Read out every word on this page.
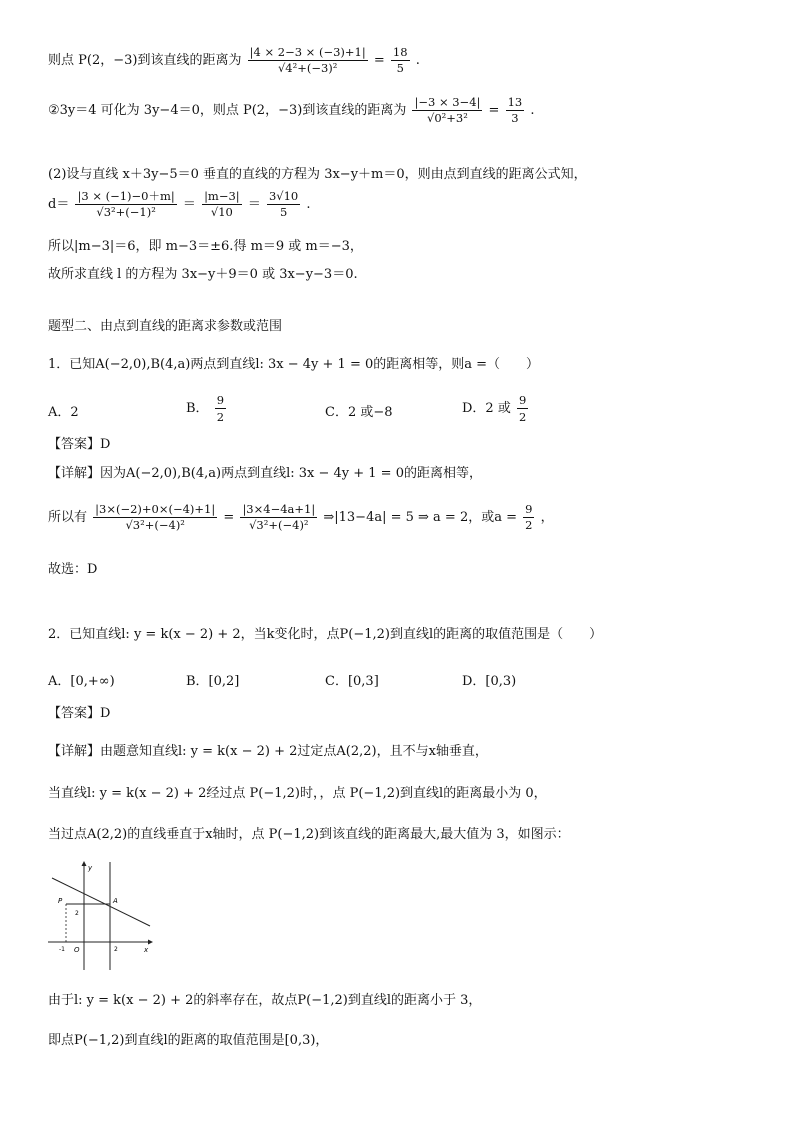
则点 P(2，−3)到该直线的距离为 $\frac{|4 \times 2-3 \times (-3)+1|}{\text{√4²+(−3)²}} = \frac{18}{5}$ .
②3y＝4 可化为 3y−4＝0，则点 P(2，−3)到该直线的距离为 $\frac{|-3 \times 3-4|}{\text{√0²+3²}} = \frac{13}{3}$ .
(2)设与直线 x＋3y−5＝0 垂直的直线的方程为 3x−y＋m＝0，则由点到直线的距离公式知，
$d= \frac{|3 \times (-1)-0+m|}{\text{√3²+(−1)²}} = \frac{|m-3|}{√10} = \frac{3√10}{5}$ .
所以|m−3|＝6，即 m−3＝±6.得 m＝9 或 m＝−3，
故所求直线 l 的方程为 3x−y＋9＝0 或 3x−y−3＝0.
题型二、由点到直线的距离求参数或范围
1．已知A(−2,0),B(4,a)两点到直线l: 3x − 4y + 1 = 0的距离相等，则a =（　　）
A．2	B． $\frac{9}{2}$	C．2 或−8	D．2 或 $\frac{9}{2}$
【答案】D
【详解】因为A(−2,0),B(4,a)两点到直线l: 3x − 4y + 1 = 0的距离相等，
所以有 $\frac{|3\times(-2)+0\times(-4)+1|}{\text{√3²+(−4)²}} = \frac{|3\times 4-4a+1|}{\text{√3²+(−4)²}}$ ⇒|13−4a| = 5 ⇒ a = 2，或$a = \frac{9}{2}$ ，
故选：D
2．已知直线l: y = k(x − 2) + 2，当k变化时，点P(−1,2)到直线l的距离的取值范围是（　　）
A．[0,+∞)	B．[0,2]	C．[0,3]	D．[0,3)
【答案】D
【详解】由题意知直线l: y = k(x − 2) + 2过定点A(2,2)，且不与x轴垂直，
当直线l: y = k(x − 2) + 2经过点 P(−1,2)时，，点 P(−1,2)到直线l的距离最小为 0，
当过点A(2,2)的直线垂直于x轴时，点 P(−1,2)到该直线的距离最大,最大值为 3，如图示：
y
x
P	A
O
-1	2
2
由于l: y = k(x − 2) + 2的斜率存在，故点P(−1,2)到直线l的距离小于 3，
即点P(−1,2)到直线l的距离的取值范围是[0,3)，
